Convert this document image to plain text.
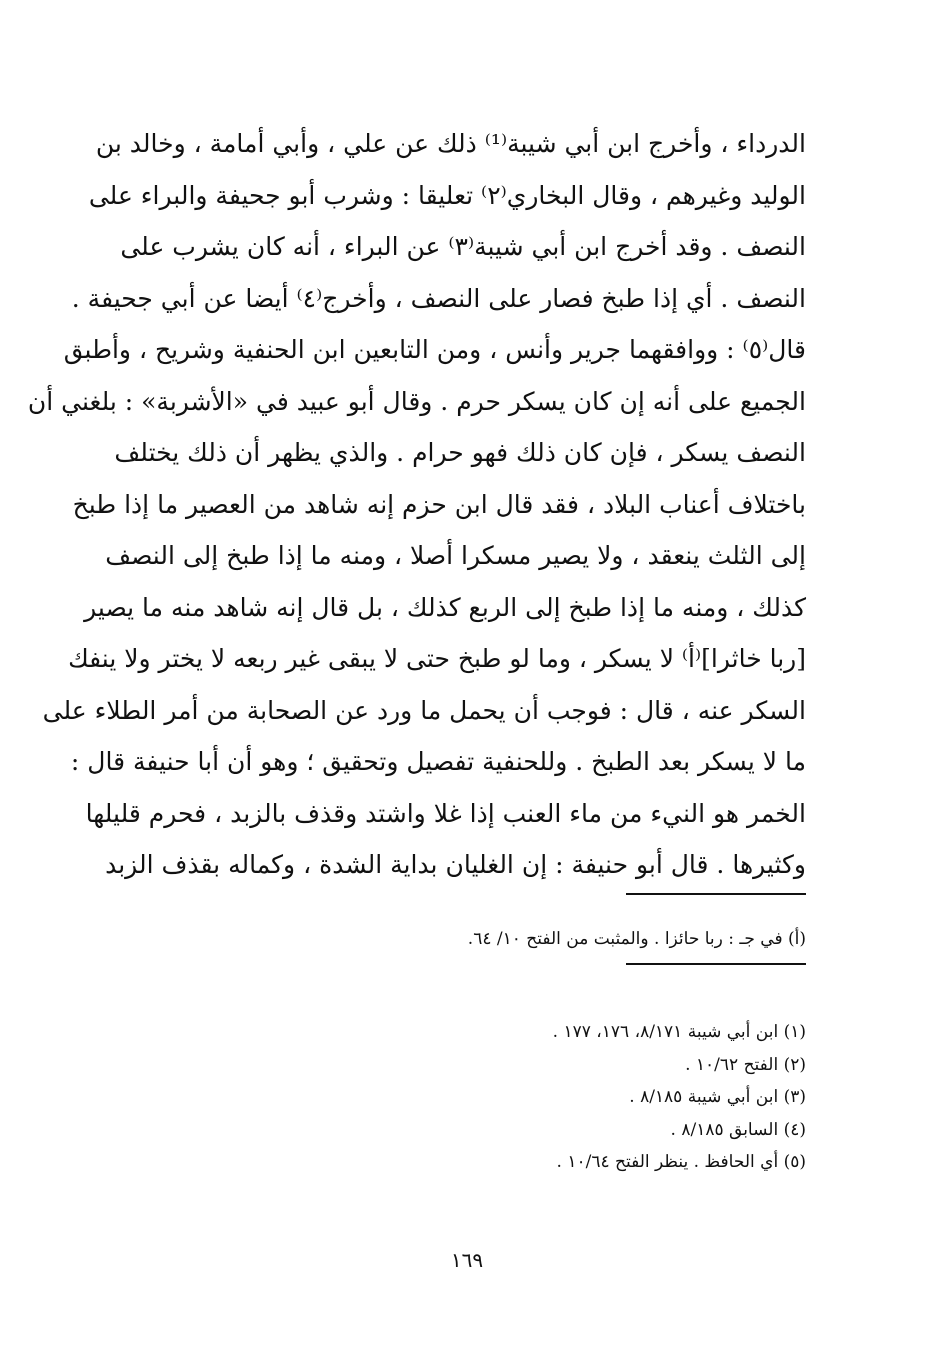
الدرداء ، وأخرج ابن أبي شيبة⁽¹⁾ ذلك عن علي ، وأبي أمامة ، وخالد بن
الوليد وغيرهم ، وقال البخاري⁽٢⁾ تعليقا : وشرب أبو جحيفة والبراء على
النصف . وقد أخرج ابن أبي شيبة⁽٣⁾ عن البراء ، أنه كان يشرب على
النصف . أي إذا طبخ فصار على النصف ، وأخرج⁽٤⁾ أيضا عن أبي جحيفة .
قال⁽٥⁾ : ووافقهما جرير وأنس ، ومن التابعين ابن الحنفية وشريح ، وأطبق
الجميع على أنه إن كان يسكر حرم . وقال أبو عبيد في «الأشربة» : بلغني أن
النصف يسكر ، فإن كان ذلك فهو حرام . والذي يظهر أن ذلك يختلف
باختلاف أعناب البلاد ، فقد قال ابن حزم إنه شاهد من العصير ما إذا طبخ
إلى الثلث ينعقد ، ولا يصير مسكرا أصلا ، ومنه ما إذا طبخ إلى النصف
كذلك ، ومنه ما إذا طبخ إلى الربع كذلك ، بل قال إنه شاهد منه ما يصير
[ربا خاثرا]⁽أ⁾ لا يسكر ، وما لو طبخ حتى لا يبقى غير ربعه لا يختر ولا ينفك
السكر عنه ، قال : فوجب أن يحمل ما ورد عن الصحابة من أمر الطلاء على
ما لا يسكر بعد الطبخ . وللحنفية تفصيل وتحقيق ؛ وهو أن أبا حنيفة قال :
الخمر هو النيء من ماء العنب إذا غلا واشتد وقذف بالزبد ، فحرم قليلها
وكثيرها . قال أبو حنيفة : إن الغليان بداية الشدة ، وكماله بقذف الزبد
(أ) في جـ : ربا حائزا . والمثبت من الفتح ١٠/ ٦٤.
(١) ابن أبي شيبة ٨/١٧١، ١٧٦، ١٧٧ .
(٢) الفتح ١٠/٦٢ .
(٣) ابن أبي شيبة ٨/١٨٥ .
(٤) السابق ٨/١٨٥ .
(٥) أي الحافظ . ينظر الفتح ١٠/٦٤ .
١٦٩
